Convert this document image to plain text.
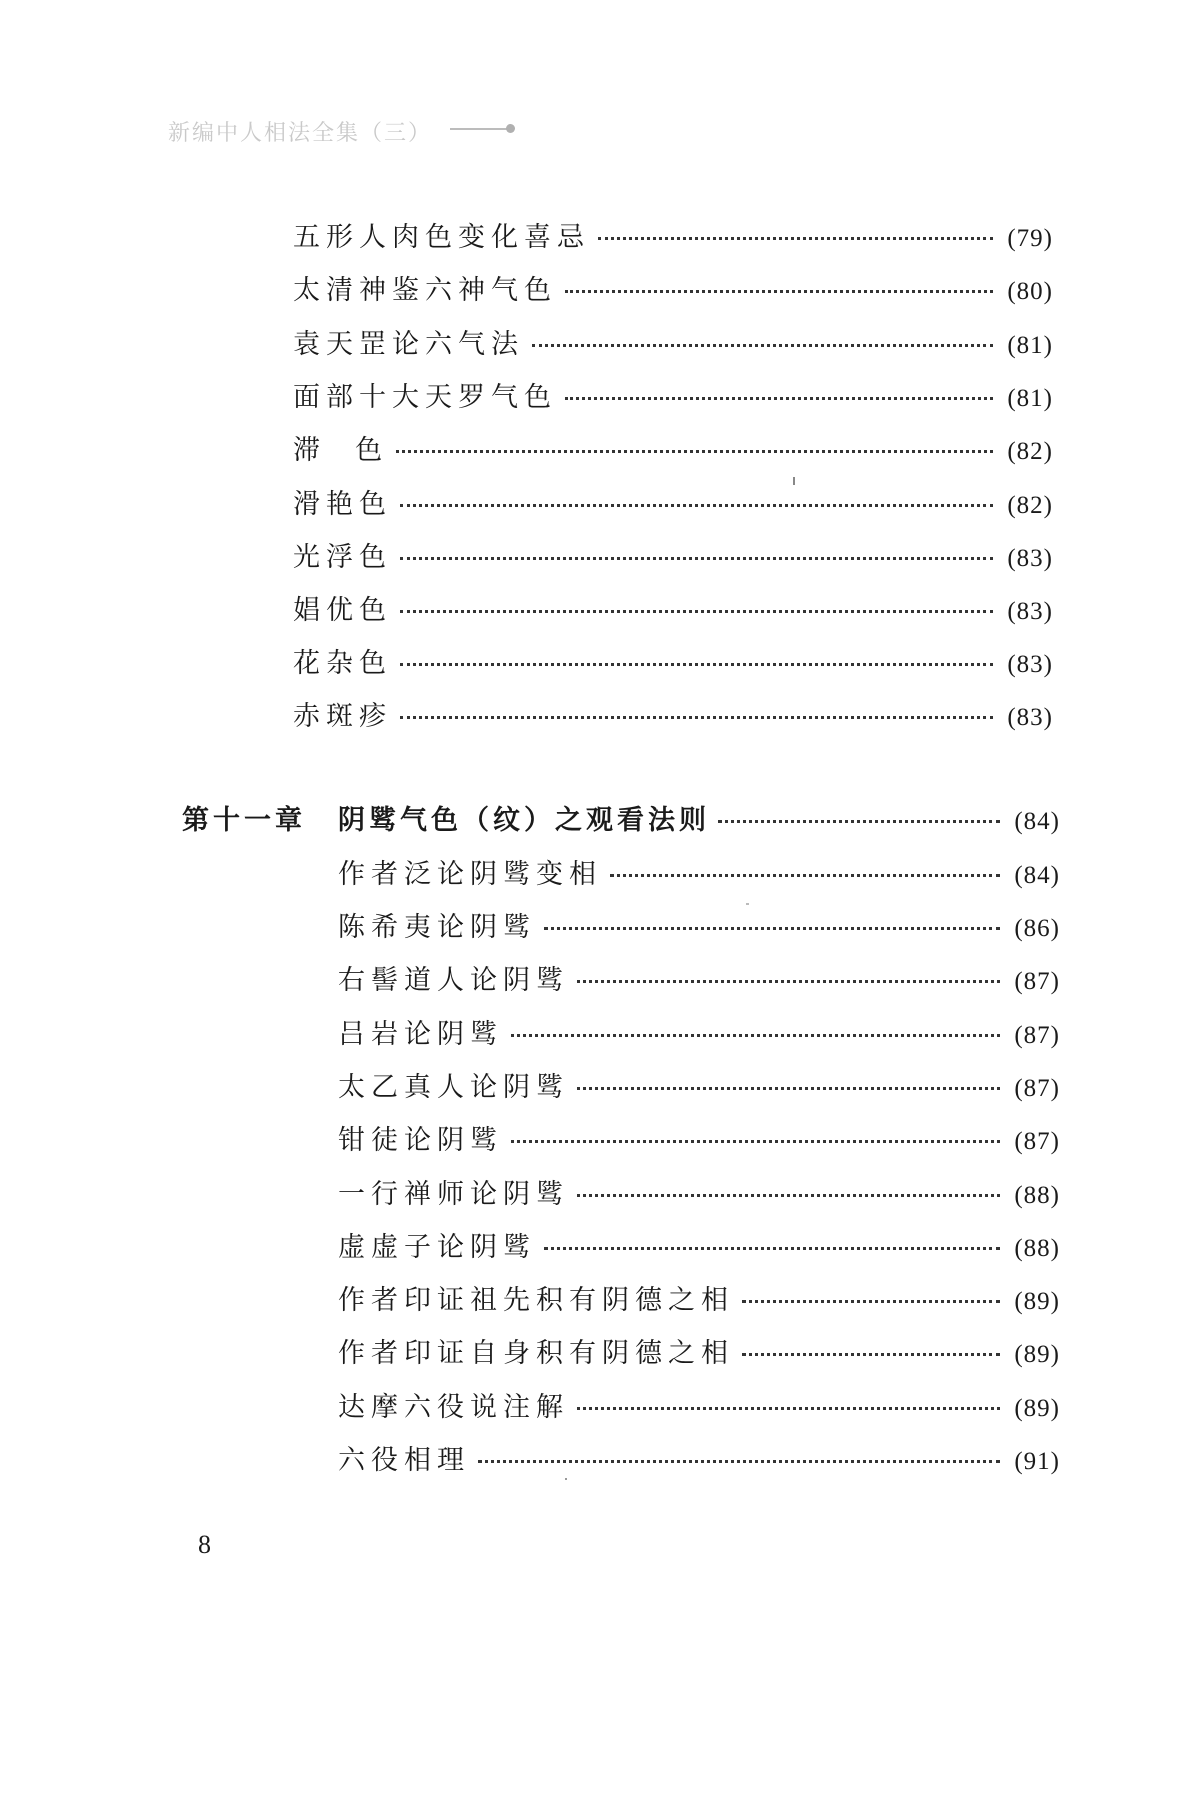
新编中人相法全集（三）
五形人肉色变化喜忌	(79)
太清神鉴六神气色	(80)
袁天罡论六气法	(81)
面部十大天罗气色	(81)
滞  色	(82)
滑艳色	(82)
光浮色	(83)
娼优色	(83)
花杂色	(83)
赤斑疹	(83)
第十一章 阴骘气色（纹）之观看法则	(84)
作者泛论阴骘变相	(84)
陈希夷论阴骘	(86)
右髻道人论阴骘	(87)
吕岩论阴骘	(87)
太乙真人论阴骘	(87)
钳徒论阴骘	(87)
一行禅师论阴骘	(88)
虚虚子论阴骘	(88)
作者印证祖先积有阴德之相	(89)
作者印证自身积有阴德之相	(89)
达摩六役说注解	(89)
六役相理	(91)
8
